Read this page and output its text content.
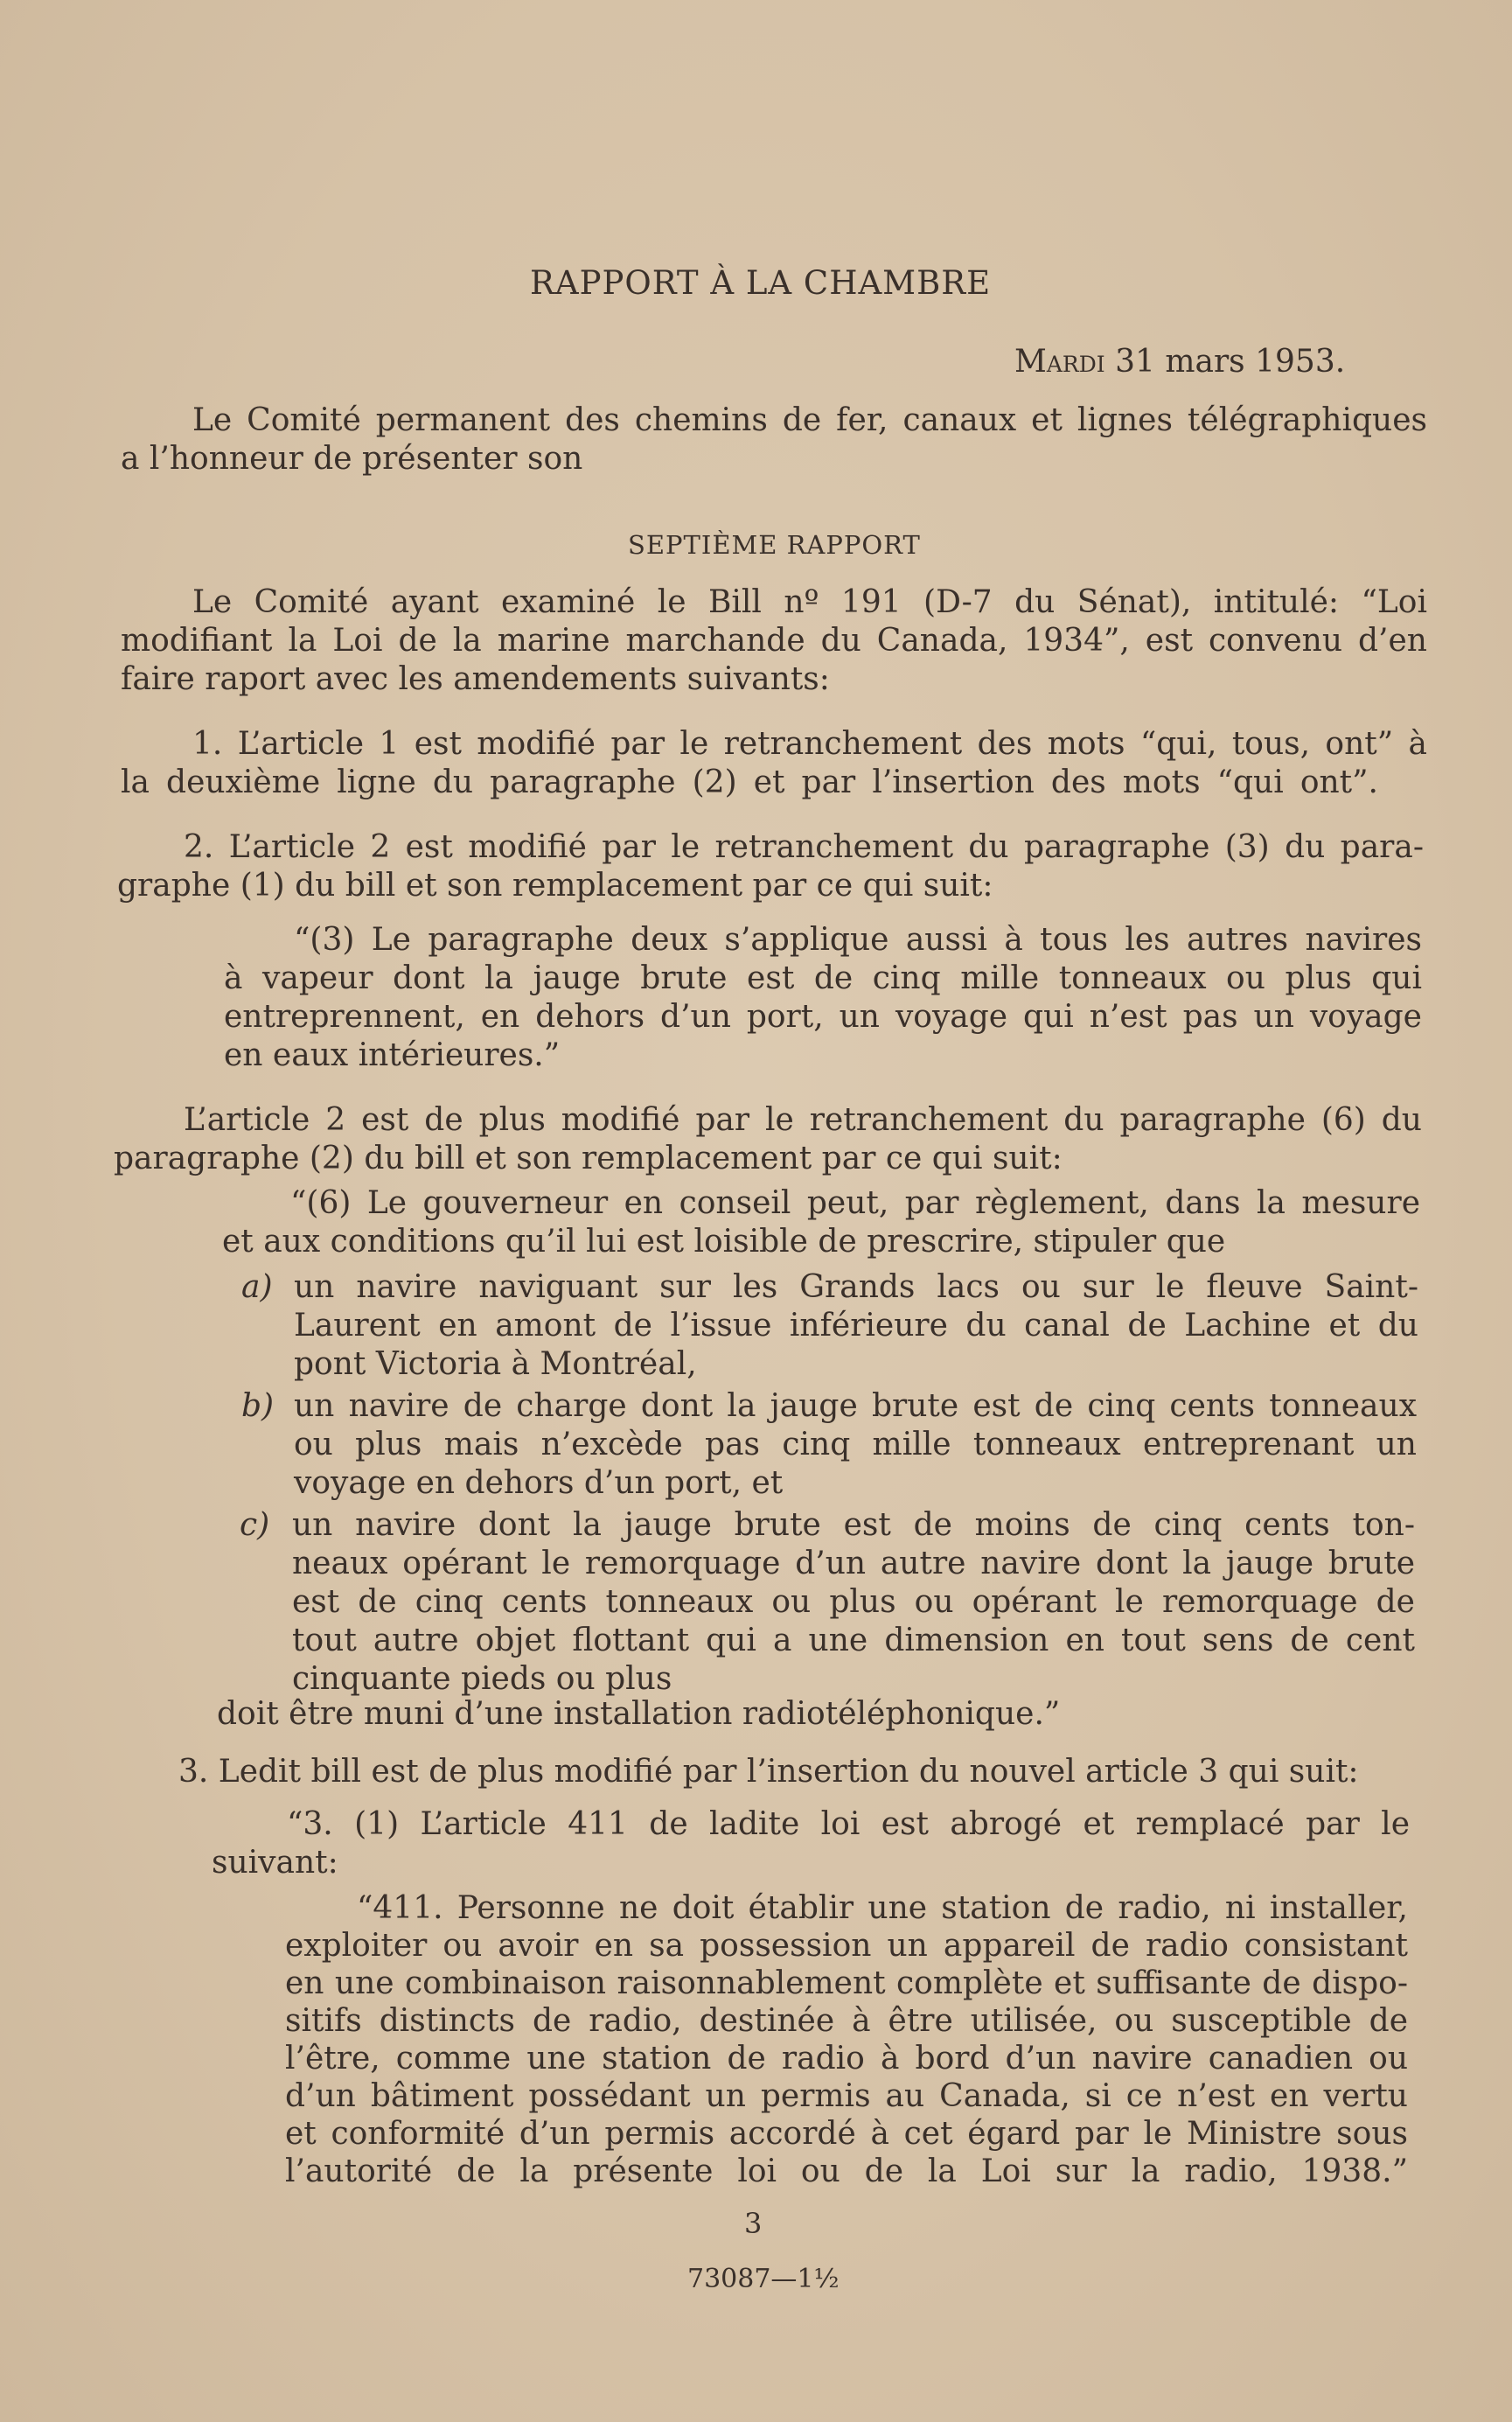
RAPPORT À LA CHAMBRE
Mardi 31 mars 1953.
Le Comité permanent des chemins de fer, canaux et lignes télégraphiques
a l’honneur de présenter son
SEPTIÈME RAPPORT
Le Comité ayant examiné le Bill nº 191 (D-7 du Sénat), intitulé: “Loi
modifiant la Loi de la marine marchande du Canada, 1934”, est convenu d’en
faire raport avec les amendements suivants:
1. L’article 1 est modifié par le retranchement des mots “qui, tous, ont” à
la deuxième ligne du paragraphe (2) et par l’insertion des mots “qui ont”.
2. L’article 2 est modifié par le retranchement du paragraphe (3) du para-
graphe (1) du bill et son remplacement par ce qui suit:
“(3) Le paragraphe deux s’applique aussi à tous les autres navires
à vapeur dont la jauge brute est de cinq mille tonneaux ou plus qui
entreprennent, en dehors d’un port, un voyage qui n’est pas un voyage
en eaux intérieures.”
L’article 2 est de plus modifié par le retranchement du paragraphe (6) du
paragraphe (2) du bill et son remplacement par ce qui suit:
“(6) Le gouverneur en conseil peut, par règlement, dans la mesure
et aux conditions qu’il lui est loisible de prescrire, stipuler que
a) un navire naviguant sur les Grands lacs ou sur le fleuve Saint-
Laurent en amont de l’issue inférieure du canal de Lachine et du
pont Victoria à Montréal,
b) un navire de charge dont la jauge brute est de cinq cents tonneaux
ou plus mais n’excède pas cinq mille tonneaux entreprenant un
voyage en dehors d’un port, et
c) un navire dont la jauge brute est de moins de cinq cents ton-
neaux opérant le remorquage d’un autre navire dont la jauge brute
est de cinq cents tonneaux ou plus ou opérant le remorquage de
tout autre objet flottant qui a une dimension en tout sens de cent
cinquante pieds ou plus
doit être muni d’une installation radiotéléphonique.”
3. Ledit bill est de plus modifié par l’insertion du nouvel article 3 qui suit:
“3. (1) L’article 411 de ladite loi est abrogé et remplacé par le
suivant:
“411. Personne ne doit établir une station de radio, ni installer,
exploiter ou avoir en sa possession un appareil de radio consistant
en une combinaison raisonnablement complète et suffisante de dispo-
sitifs distincts de radio, destinée à être utilisée, ou susceptible de
l’être, comme une station de radio à bord d’un navire canadien ou
d’un bâtiment possédant un permis au Canada, si ce n’est en vertu
et conformité d’un permis accordé à cet égard par le Ministre sous
l’autorité de la présente loi ou de la Loi sur la radio, 1938.”
3
73087—1½
